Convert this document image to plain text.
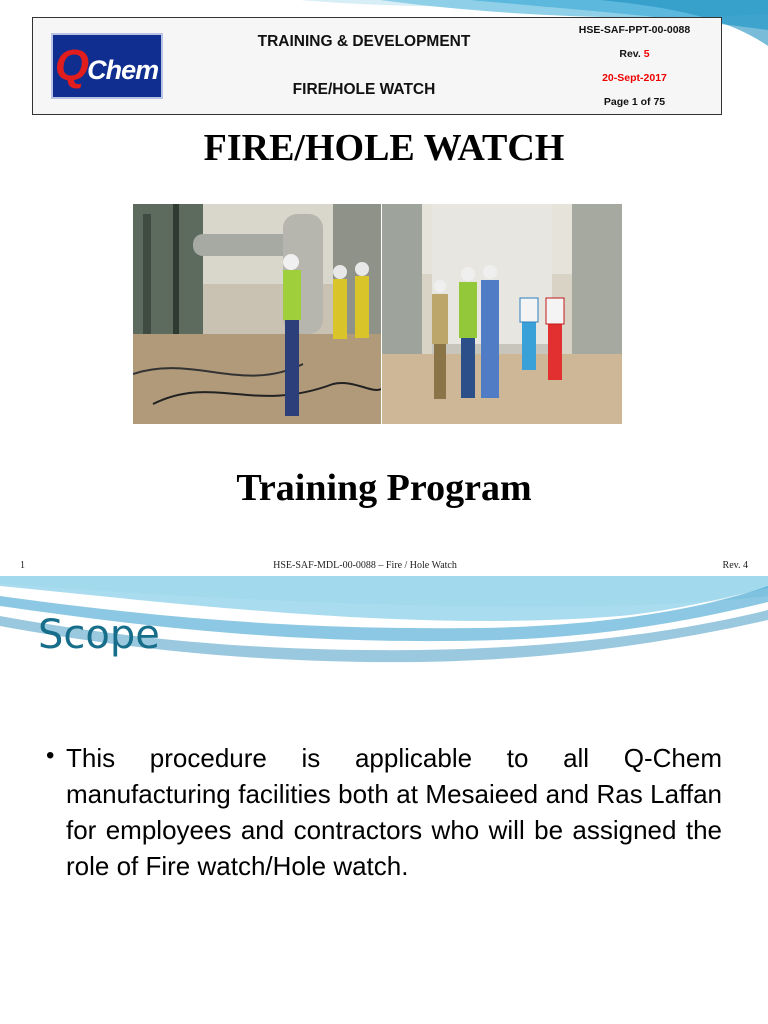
Q
Chem
TRAINING & DEVELOPMENT
FIRE/HOLE WATCH
HSE-SAF-PPT-00-0088
Rev. 5
20-Sept-2017
Page 1 of 75
FIRE/HOLE WATCH
Training Program
1	HSE-SAF-MDL-00-0088 – Fire / Hole Watch	Rev. 4
Scope
• This procedure is applicable to all Q-Chem manufacturing facilities both at Mesaieed and Ras Laffan for employees and contractors who will be assigned the role of Fire watch/Hole watch.
